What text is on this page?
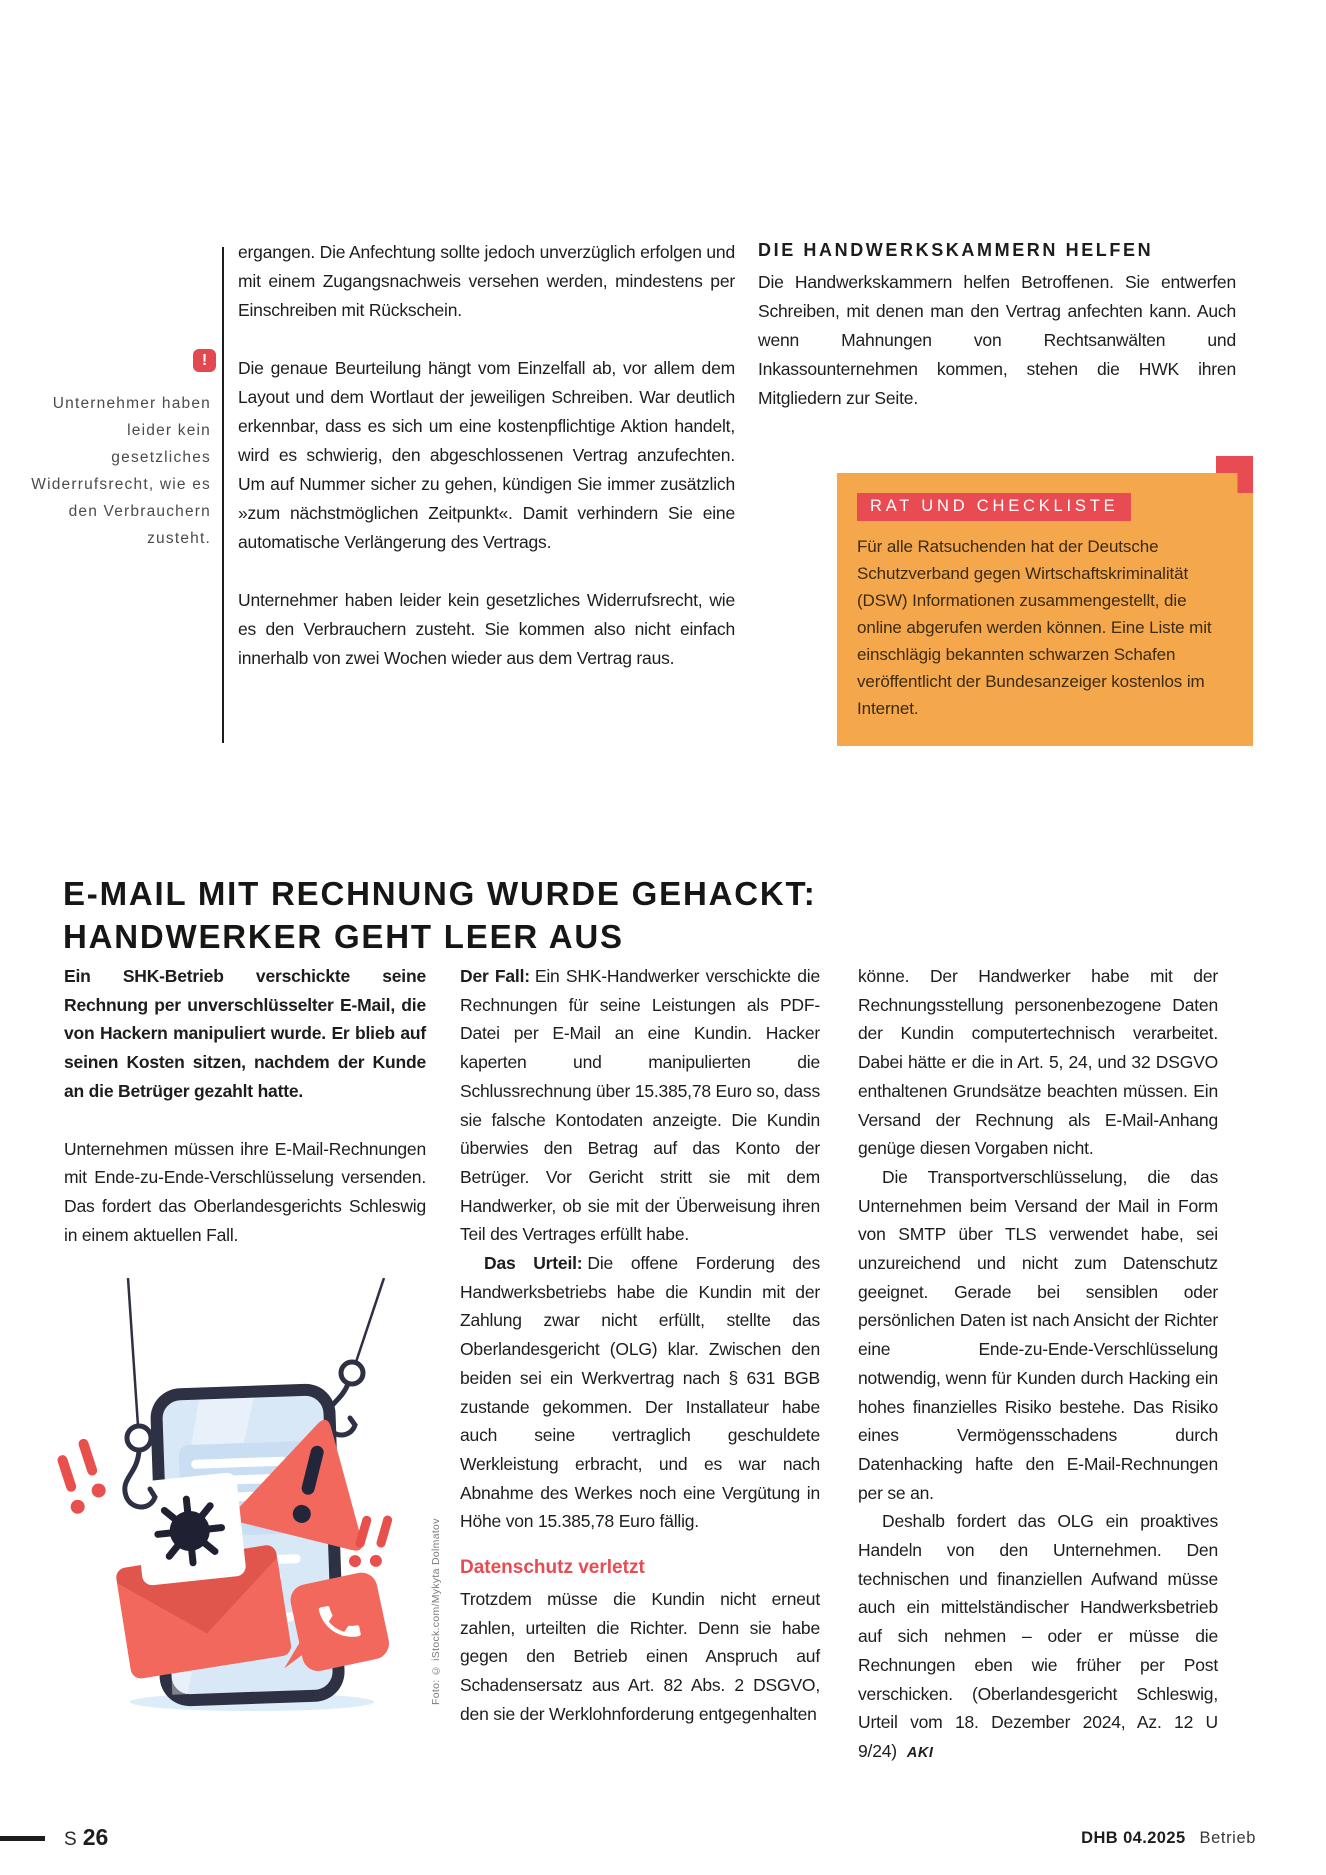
!
Unternehmer haben leider kein gesetzliches Widerrufsrecht, wie es den Verbrauchern zusteht.

ergangen. Die Anfechtung sollte jedoch unverzüglich erfolgen und mit einem Zugangsnachweis versehen werden, mindestens per Einschreiben mit Rückschein.

Die genaue Beurteilung hängt vom Einzelfall ab, vor allem dem Layout und dem Wortlaut der jeweiligen Schreiben. War deutlich erkennbar, dass es sich um eine kostenpflichtige Aktion handelt, wird es schwierig, den abgeschlossenen Vertrag anzufechten. Um auf Nummer sicher zu gehen, kündigen Sie immer zusätzlich »zum nächstmöglichen Zeitpunkt«. Damit verhindern Sie eine automatische Verlängerung des Vertrags.

Unternehmer haben leider kein gesetzliches Widerrufsrecht, wie es den Verbrauchern zusteht. Sie kommen also nicht einfach innerhalb von zwei Wochen wieder aus dem Vertrag raus.

DIE HANDWERKSKAMMERN HELFEN

Die Handwerkskammern helfen Betroffenen. Sie entwerfen Schreiben, mit denen man den Vertrag anfechten kann. Auch wenn Mahnungen von Rechtsanwälten und Inkassounternehmen kommen, stehen die HWK ihren Mitgliedern zur Seite.

RAT UND CHECKLISTE

Für alle Ratsuchenden hat der Deutsche Schutzverband gegen Wirtschaftskriminalität (DSW) Informationen zusammengestellt, die online abgerufen werden können. Eine Liste mit einschlägig bekannten schwarzen Schafen veröffentlicht der Bundesanzeiger kostenlos im Internet.

E-MAIL MIT RECHNUNG WURDE GEHACKT:
HANDWERKER GEHT LEER AUS

Ein SHK-Betrieb verschickte seine Rechnung per unverschlüsselter E-Mail, die von Hackern manipuliert wurde. Er blieb auf seinen Kosten sitzen, nachdem der Kunde an die Betrüger gezahlt hatte.

Unternehmen müssen ihre E-Mail-Rechnungen mit Ende-zu-Ende-Verschlüsselung versenden. Das fordert das Oberlandesgerichts Schleswig in einem aktuellen Fall.

Foto: © iStock.com/Mykyta Dolmatov

Der Fall: Ein SHK-Handwerker verschickte die Rechnungen für seine Leistungen als PDF-Datei per E-Mail an eine Kundin. Hacker kaperten und manipulierten die Schlussrechnung über 15.385,78 Euro so, dass sie falsche Kontodaten anzeigte. Die Kundin überwies den Betrag auf das Konto der Betrüger. Vor Gericht stritt sie mit dem Handwerker, ob sie mit der Überweisung ihren Teil des Vertrages erfüllt habe.

Das Urteil: Die offene Forderung des Handwerksbetriebs habe die Kundin mit der Zahlung zwar nicht erfüllt, stellte das Oberlandesgericht (OLG) klar. Zwischen den beiden sei ein Werkvertrag nach § 631 BGB zustande gekommen. Der Installateur habe auch seine vertraglich geschuldete Werkleistung erbracht, und es war nach Abnahme des Werkes noch eine Vergütung in Höhe von 15.385,78 Euro fällig.

Datenschutz verletzt

Trotzdem müsse die Kundin nicht erneut zahlen, urteilten die Richter. Denn sie habe gegen den Betrieb einen Anspruch auf Schadensersatz aus Art. 82 Abs. 2 DSGVO, den sie der Werklohnforderung entgegenhalten

könne. Der Handwerker habe mit der Rechnungsstellung personenbezogene Daten der Kundin computertechnisch verarbeitet. Dabei hätte er die in Art. 5, 24, und 32 DSGVO enthaltenen Grundsätze beachten müssen. Ein Versand der Rechnung als E-Mail-Anhang genüge diesen Vorgaben nicht.

Die Transportverschlüsselung, die das Unternehmen beim Versand der Mail in Form von SMTP über TLS verwendet habe, sei unzureichend und nicht zum Datenschutz geeignet. Gerade bei sensiblen oder persönlichen Daten ist nach Ansicht der Richter eine Ende-zu-Ende-Verschlüsselung notwendig, wenn für Kunden durch Hacking ein hohes finanzielles Risiko bestehe. Das Risiko eines Vermögensschadens durch Datenhacking hafte den E-Mail-Rechnungen per se an.

Deshalb fordert das OLG ein proaktives Handeln von den Unternehmen. Den technischen und finanziellen Aufwand müsse auch ein mittelständischer Handwerksbetrieb auf sich nehmen – oder er müsse die Rechnungen eben wie früher per Post verschicken. (Oberlandesgericht Schleswig, Urteil vom 18. Dezember 2024, Az. 12 U 9/24) AKI

S 26	DHB 04.2025 Betrieb
